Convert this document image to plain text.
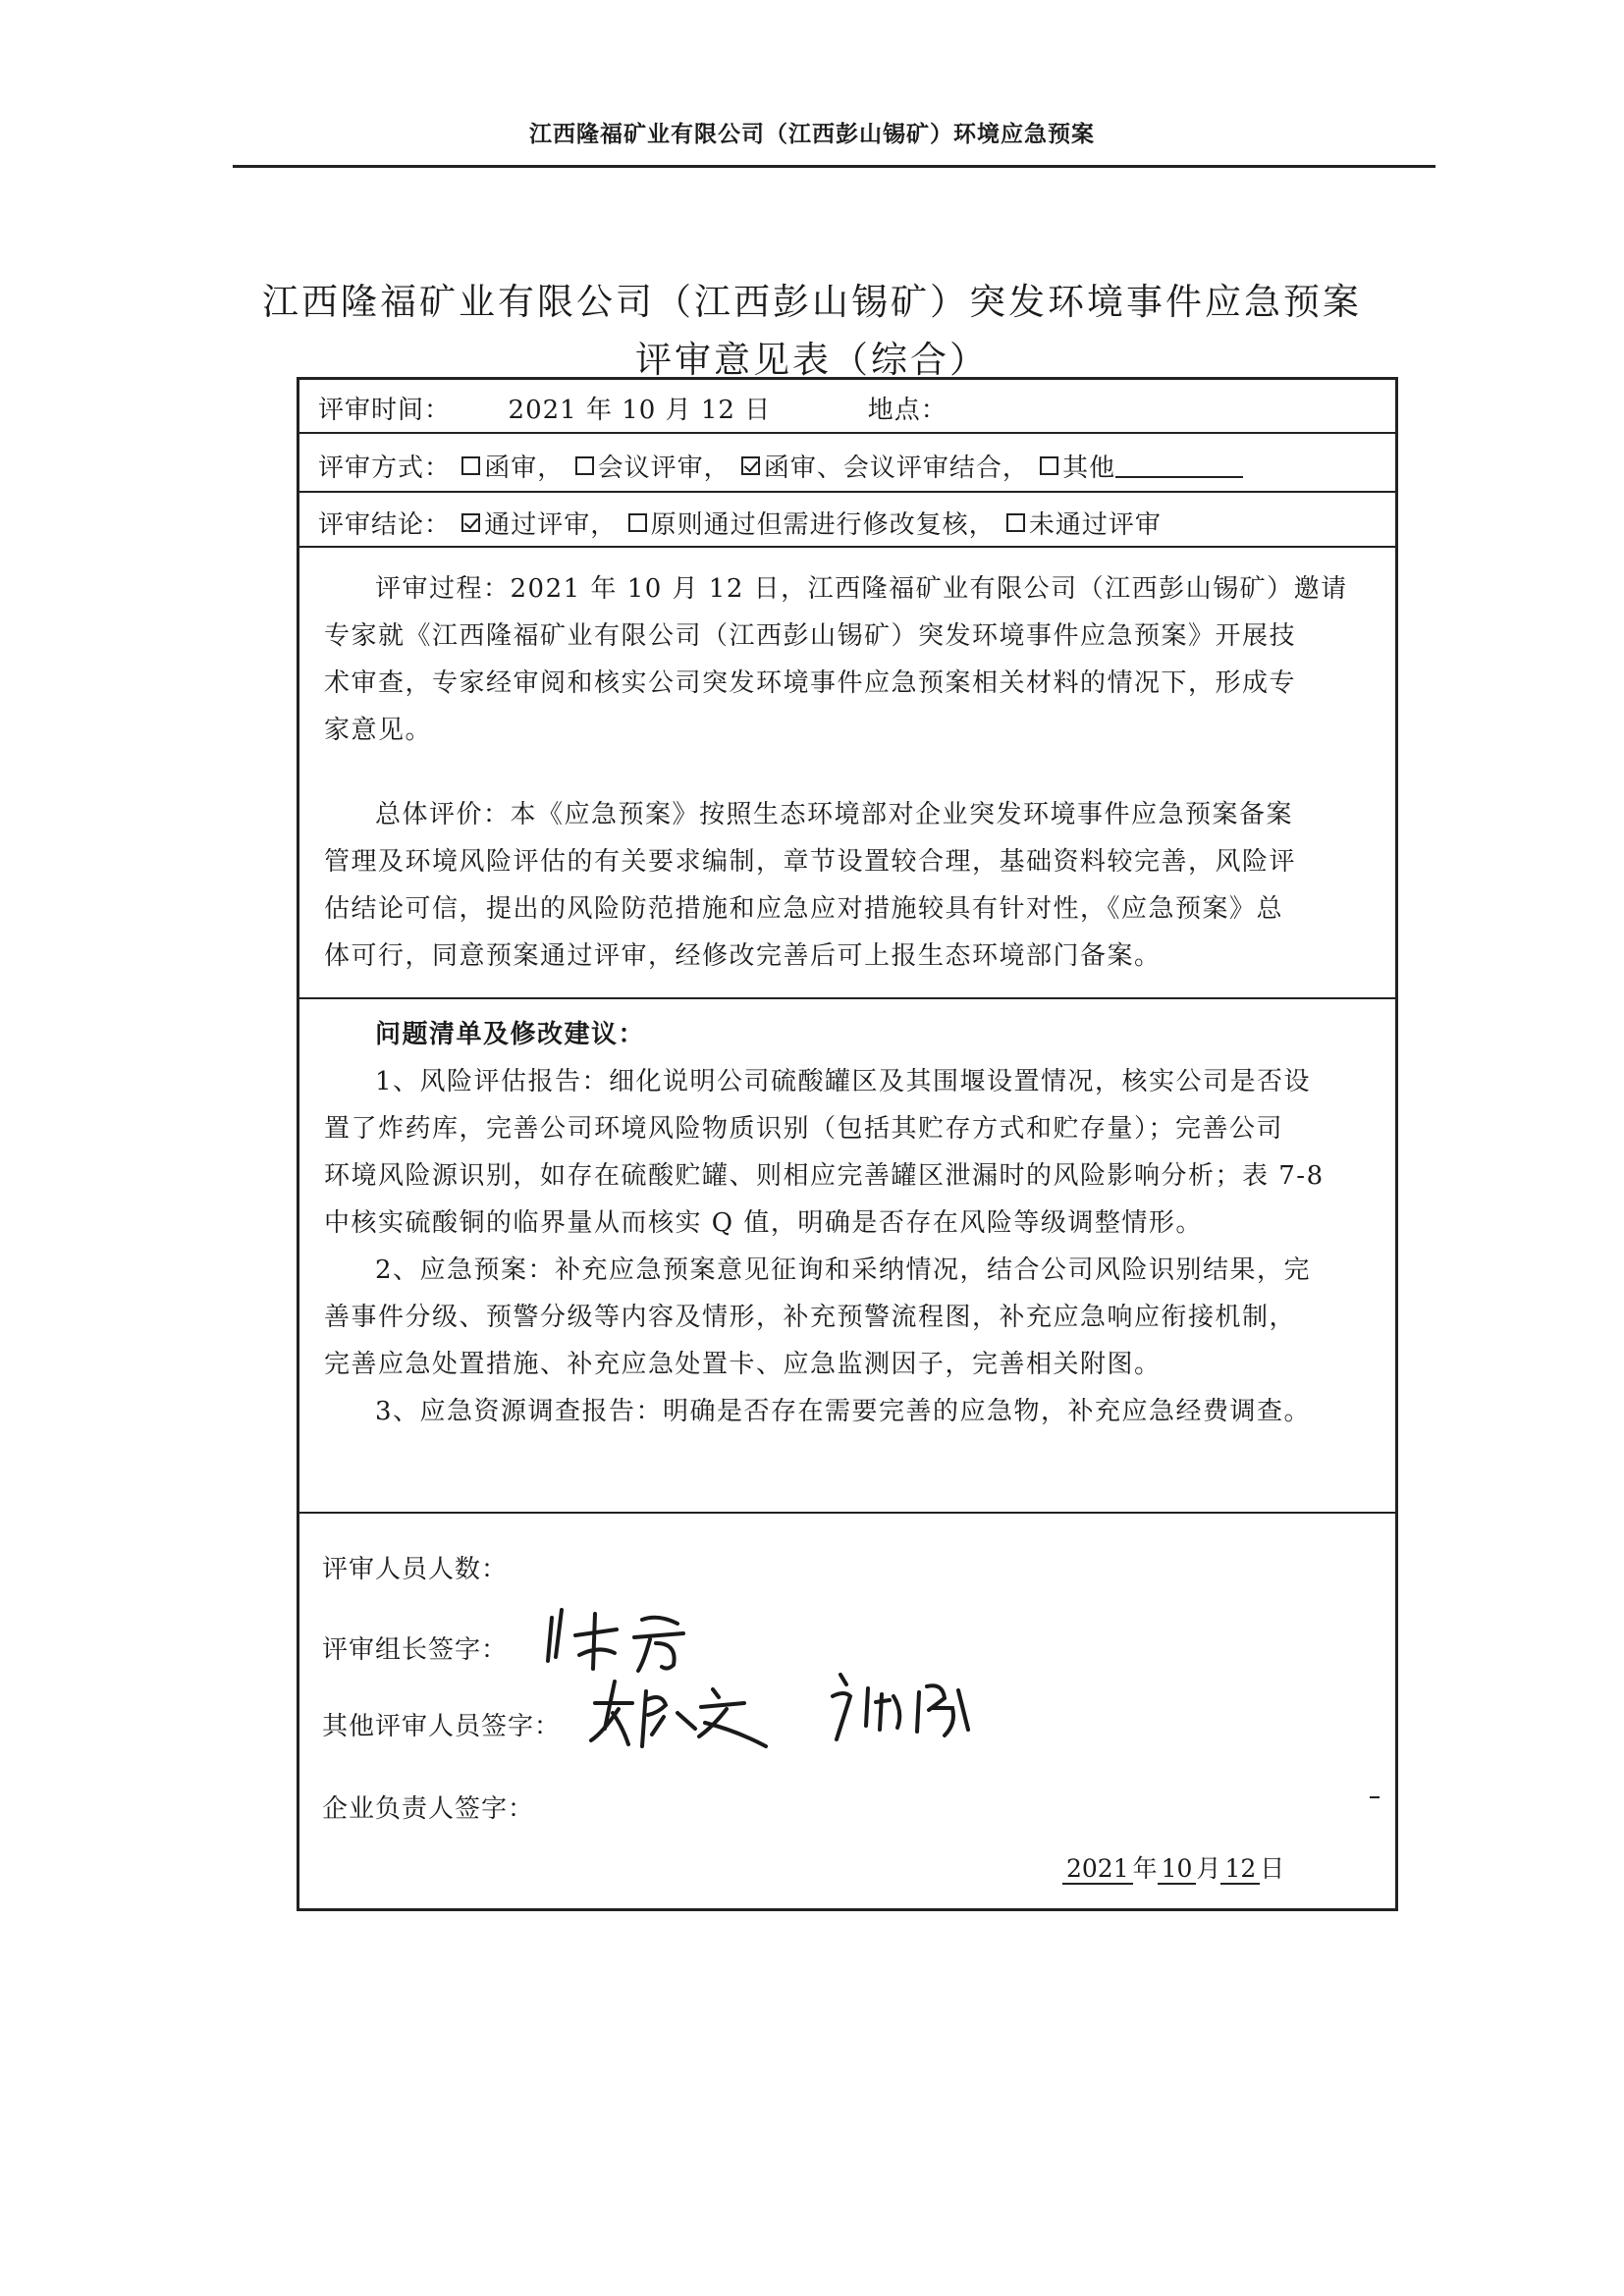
江西隆福矿业有限公司（江西彭山锡矿）环境应急预案
江西隆福矿业有限公司（江西彭山锡矿）突发环境事件应急预案
评审意见表（综合）
评审时间： 2021 年 10 月 12 日	地点：
评审方式： 函审， 会议评审， 函审、会议评审结合， 其他
评审结论： 通过评审， 原则通过但需进行修改复核， 未通过评审
评审过程：2021 年 10 月 12 日，江西隆福矿业有限公司（江西彭山锡矿）邀请
专家就《江西隆福矿业有限公司（江西彭山锡矿）突发环境事件应急预案》开展技
术审查，专家经审阅和核实公司突发环境事件应急预案相关材料的情况下，形成专
家意见。
总体评价：本《应急预案》按照生态环境部对企业突发环境事件应急预案备案
管理及环境风险评估的有关要求编制，章节设置较合理，基础资料较完善，风险评
估结论可信，提出的风险防范措施和应急应对措施较具有针对性，《应急预案》总
体可行，同意预案通过评审，经修改完善后可上报生态环境部门备案。
问题清单及修改建议：
1、风险评估报告：细化说明公司硫酸罐区及其围堰设置情况，核实公司是否设
置了炸药库，完善公司环境风险物质识别（包括其贮存方式和贮存量）；完善公司
环境风险源识别，如存在硫酸贮罐、则相应完善罐区泄漏时的风险影响分析；表 7-8
中核实硫酸铜的临界量从而核实 Q 值，明确是否存在风险等级调整情形。
2、应急预案：补充应急预案意见征询和采纳情况，结合公司风险识别结果，完
善事件分级、预警分级等内容及情形，补充预警流程图，补充应急响应衔接机制，
完善应急处置措施、补充应急处置卡、应急监测因子，完善相关附图。
3、应急资源调查报告：明确是否存在需要完善的应急物，补充应急经费调查。
评审人员人数：
评审组长签字：
其他评审人员签字：
企业负责人签字：
2021 年 10 月 12 日
